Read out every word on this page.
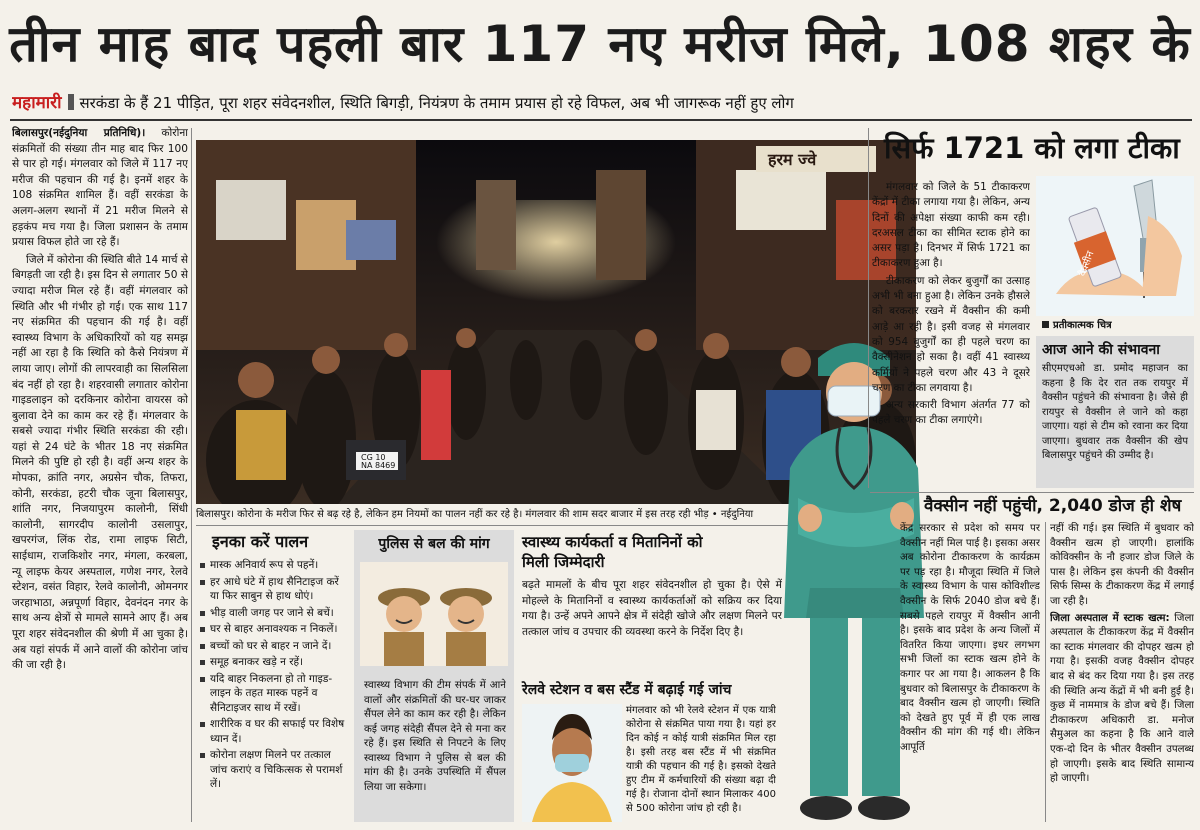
तीन माह बाद पहली बार 117 नए मरीज मिले, 108 शहर के
महामारी सरकंडा के हैं 21 पीड़ित, पूरा शहर संवेदनशील, स्थिति बिगड़ी, नियंत्रण के तमाम प्रयास हो रहे विफल, अब भी जागरूक नहीं हुए लोग

बिलासपुर(नईदुनिया प्रतिनिधि)। कोरोना संक्रमितों की संख्या तीन माह बाद फिर 100 से पार हो गई। मंगलवार को जिले में 117 नए मरीज की पहचान की गई है। इनमें शहर के 108 संक्रमित शामिल हैं। वहीं सरकंडा के अलग-अलग स्थानों में 21 मरीज मिलने से हड़कंप मच गया है। जिला प्रशासन के तमाम प्रयास विफल होते जा रहे हैं।

जिले में कोरोना की स्थिति बीते 14 मार्च से बिगड़ती जा रही है। इस दिन से लगातार 50 से ज्यादा मरीज मिल रहे हैं। वहीं मंगलवार को स्थिति और भी गंभीर हो गई। एक साथ 117 नए संक्रमित की पहचान की गई है। वहीं स्वास्थ्य विभाग के अधिकारियों को यह समझ नहीं आ रहा है कि स्थिति को कैसे नियंत्रण में लाया जाए। लोगों की लापरवाही का सिलसिला बंद नहीं हो रहा है। शहरवासी लगातार कोरोना गाइडलाइन को दरकिनार कोरोना वायरस को बुलावा देने का काम कर रहे हैं। मंगलवार के सबसे ज्यादा गंभीर स्थिति सरकंडा की रही। यहां से 24 घंटे के भीतर 18 नए संक्रमित मिलने की पुष्टि हो रही है। वहीं अन्य शहर के मोपका, क्रांति नगर, अग्रसेन चौक, तिफरा, कोनी, सरकंडा, हटरी चौक जूना बिलासपुर, शांति नगर, निजयापुरम कालोनी, सिंधी कालोनी, सागरदीप कालोनी उसलापुर, खपरगंज, लिंक रोड, रामा लाइफ सिटी, साईधाम, राजकिशोर नगर, मंगला, करबला, न्यू लाइफ केयर अस्पताल, गणेश नगर, रेलवे स्टेशन, वसंत विहार, रेलवे कालोनी, ओमनगर जरहाभाठा, अन्नपूर्णा विहार, देवनंदन नगर के साथ अन्य क्षेत्रों से मामले सामने आए हैं। अब पूरा शहर संवेदनशील की श्रेणी में आ चुका है। अब यहां संपर्क में आने वालों की कोरोना जांच की जा रही है।

हरम ज्वे
CG 10
NA 8469
बिलासपुर। कोरोना के मरीज फिर से बढ़ रहे है, लेकिन हम नियमों का पालन नहीं कर रहे है। मंगलवार की शाम सदर बाजार में इस तरह रही भीड़ • नईदुनिया
इनका करें पालन
मास्क अनिवार्य रूप से पहनें।
हर आधे घंटे में हाथ सैनिटाइज करें या फिर साबुन से हाथ धोएं।
भीड़ वाली जगह पर जाने से बचें।
घर से बाहर अनावश्यक न निकलें।
बच्चों को घर से बाहर न जाने दें।
समूह बनाकर खड़े न रहें।
यदि बाहर निकलना हो तो गाइड-लाइन के तहत मास्क पहनें व सैनिटाइजर साथ में रखें।
शारीरिक व घर की सफाई पर विशेष ध्यान दें।
कोरोना लक्षण मिलने पर तत्काल जांच कराएं व चिकित्सक से परामर्श लें।
पुलिस से बल की मांग
स्वास्थ्य विभाग की टीम संपर्क में आने वालों और संक्रमितों की घर-घर जाकर सैंपल लेने का काम कर रही है। लेकिन कई जगह संदेही सैंपल देने से मना कर रहे हैं। इस स्थिति से निपटने के लिए स्वास्थ्य विभाग ने पुलिस से बल की मांग की है। उनके उपस्थिति में सैंपल लिया जा सकेगा।
स्वास्थ्य कार्यकर्ता व मितानिनों को मिली जिम्मेदारी
बढ़ते मामलों के बीच पूरा शहर संवेदनशील हो चुका है। ऐसे में मोहल्ले के मितानिनों व स्वास्थ्य कार्यकर्ताओं को सक्रिय कर दिया गया है। उन्हें अपने आपने क्षेत्र में संदेही खोजे और लक्षण मिलने पर तत्काल जांच व उपचार की व्यवस्था करने के निर्देश दिए है।
रेलवे स्टेशन व बस स्टैंड में बढ़ाई गई जांच
मंगलवार को भी रेलवे स्टेशन में एक यात्री कोरोना से संक्रमित पाया गया है। यहां हर दिन कोई न कोई यात्री संक्रमित मिल रहा है। इसी तरह बस स्टैंड में भी संक्रमित यात्री की पहचान की गई है। इसको देखते हुए टीम में कर्मचारियों की संख्या बढ़ा दी गई है। रोजाना दोनों स्थान मिलाकर 400 से 500 कोरोना जांच हो रही है।
सिर्फ 1721 को लगा टीका

मंगलवार को जिले के 51 टीकाकरण केंद्रों में टीका लगाया गया है। लेकिन, अन्य दिनों की अपेक्षा संख्या काफी कम रही। दरअसल टीका का सीमित स्टाक होने का असर पड़ा है। दिनभर में सिर्फ 1721 का टीकाकरण हुआ है।

टीकाकरण को लेकर बुजुर्गों का उत्साह अभी भी बना हुआ है। लेकिन उनके हौसले को बरकरार रखने में वैक्सीन की कमी आड़े आ रही है। इसी वजह से मंगलवार को 954 बुजुर्गों का ही पहले चरण का वैक्सीनेशन हो सका है। वहीं 41 स्वास्थ्य कर्मियों ने पहले चरण और 43 ने दूसरे चरण का टीका लगवाया है।

अन्य सरकारी विभाग अंतर्गत 77 को पहले चरण का टीका लगाएंगे।

वैक्सीन
प्रतीकात्मक चित्र
आज आने की संभावना
सीएमएचओ डा. प्रमोद महाजन का कहना है कि देर रात तक रायपुर में वैक्सीन पहुंचने की संभावना है। जैसे ही रायपुर से वैक्सीन ले जाने को कहा जाएगा। यहां से टीम को रवाना कर दिया जाएगा। बुधवार तक वैक्सीन की खेप बिलासपुर पहुंचने की उम्मीद है।
वैक्सीन नहीं पहुंची, 2,040 डोज ही शेष
केंद्र सरकार से प्रदेश को समय पर वैक्सीन नहीं मिल पाई है। इसका असर अब कोरोना टीकाकरण के कार्यक्रम पर पड़ रहा है। मौजूदा स्थिति में जिले के स्वास्थ्य विभाग के पास कोविशील्ड वैक्सीन के सिर्फ 2040 डोज बचे हैं। सबसे पहले रायपुर में वैक्सीन आनी है। इसके बाद प्रदेश के अन्य जिलों में वितरित किया जाएगा। इधर लगभग सभी जिलों का स्टाक खत्म होने के कगार पर आ गया है। आकलन है कि बुधवार को बिलासपुर के टीकाकरण के बाद वैक्सीन खत्म हो जाएगी। स्थिति को देखते हुए पूर्व में ही एक लाख वैक्सीन की मांग की गई थी। लेकिन आपूर्ति

नहीं की गई। इस स्थिति में बुधवार को वैक्सीन खत्म हो जाएगी। हालांकि कोविक्सीन के नौ हजार डोज जिले के पास है। लेकिन इस कंपनी की वैक्सीन सिर्फ सिम्स के टीकाकरण केंद्र में लगाई जा रही है।

जिला अस्पताल में स्टाक खत्म: जिला अस्पताल के टीकाकरण केंद्र में वैक्सीन का स्टाक मंगलवार की दोपहर खत्म हो गया है। इसकी वजह वैक्सीन दोपहर बाद से बंद कर दिया गया है। इस तरह की स्थिति अन्य केंद्रों में भी बनी हुई है। कुछ में नाममात्र के डोज बचे हैं। जिला टीकाकरण अधिकारी डा. मनोज सैमुअल का कहना है कि आने वाले एक-दो दिन के भीतर वैक्सीन उपलब्ध हो जाएगी। इसके बाद स्थिति सामान्य हो जाएगी।
